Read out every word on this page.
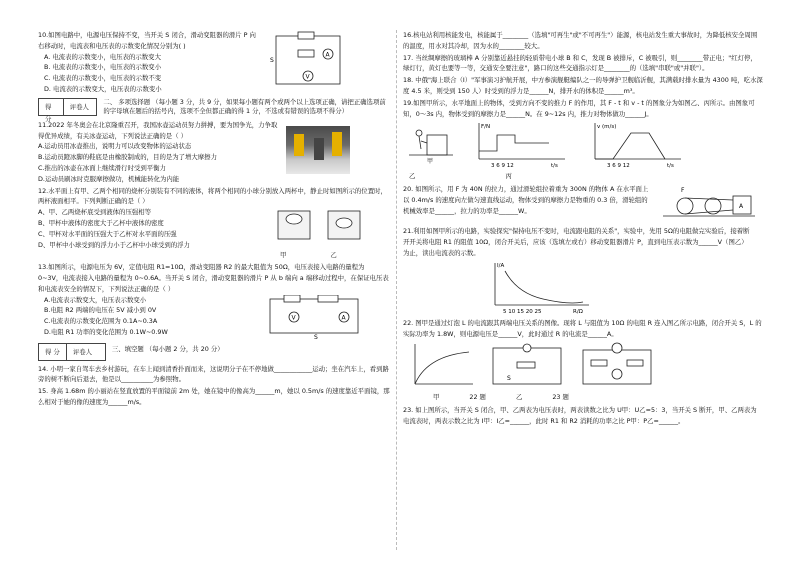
10.如图电路中，电源电压保持不变，当开关 S 闭合，滑动变阻器的滑片 P 向右移动时，电流表和电压表的示数变化情况分别为( )
A. 电流表的示数变小，电压表的示数变大
B. 电流表的示数变小，电压表的示数变小
C. 电流表的示数变小，电压表的示数不变
D. 电流表的示数变大，电压表的示数变小
A
V
S
得 分
评卷人
二、 多项选择题 （每小题 3 分，共 9 分，如果每小题有两个或两个以上选项正确，请把正确选项前的字母填在题后的括号内，选项不全但都正确的得 1 分，不选或有错误的选项不得分）
11.2022 年冬奥会在北京隆重召开，我国冰壶运动员努力拼搏，要为国争光，力争取得优异成绩，有关冰壶运动，下列说法正确的是（ ）
A.运动员用冰壶推出，说明力可以改变物体的运动状态
B.运动员蹬冰脚的鞋底是由橡胶制成的，目的是为了增大摩擦力
C.推出的冰壶在冰面上继续滑行时受到平衡力
D.运动员刷冰时克服摩擦做功，机械能转化为内能
12.水平面上有甲、乙两个相同的烧杯分别装有不同的液体，将两个相同的小球分别放入两杯中，静止时如图所示的位置时，两杯液面相平。下列判断正确的是（ ）
A、甲、乙两烧杯底受到液体的压强相等
B、甲杯中液体的密度大于乙杯中液体的密度
C、甲杯对水平面的压强大于乙杯对水平面的压强
D、甲杯中小球受到的浮力小于乙杯中小球受到的浮力
甲	乙
13.如图所示，电源电压为 6V，定值电阻 R1=10Ω，滑动变阻器 R2 的最大阻值为 50Ω，电压表接入电路的量程为 0~3V，电流表接入电路的量程为 0~0.6A。当开关 S 闭合，滑动变阻器的滑片 P 从 b 端向 a 端移动过程中，在保证电压表和电流表安全的情况下，下列说法正确的是（ ）
A.电流表示数变大，电压表示数变小
B.电阻 R2 两端的电压在 5V 减小到 0V
C.电流表的示数变化范围为 0.1A~0.3A
D.电阻 R1 功率的变化范围为 0.1W~0.9W
V	A
S
得 分	评卷人	三、填空题 （每小题 2 分，共 20 分）
14. 小明一家自驾车去乡村游玩，在车上闻到清香扑面而来，这说明分子在不停地做____________运动；坐在汽车上，看到路旁的树不断向后退去，他是以__________为参照物。
15. 身高 1.68m 的小丽站在竖直放置的平面镜前 2m 处，她在镜中的像高为______m，她以 0.5m/s 的速度靠近平面镜，那么相对于她的像的速度为______m/s。
16.核电站利用核能发电，核能属于________（选填"可再生"或"不可再生"）能源，核电站发生重大事故时，为降低核安全周围的温度，用水对其冷却，因为水的________较大。
17. 当丝绸摩擦的玻璃棒 A 分别靠近悬挂的轻质带电小球 B 和 C，发现 B 被排斥，C 被吸引，则________带正电；"红灯停，绿灯行，黄灯也要等一等，交通安全要注意"，路口的这些交通指示灯是________的（选填"串联"或"并联"）。
18. 中俄"海上联合（I）"军事演习护航开展，中方参演舰艇编队之一的导弹护卫舰临沂舰，其满载时排水量为 4300 吨，吃水深度 4.5 米，则受到 150 人）时受到的浮力是______N，排开水的体积是______m³。
19.如图甲所示，水平地面上的物体，受到方向不变的推力 F 的作用，其 F - t 和 v - t 的图象分为如图乙、丙所示。由图象可知，0～3s 内，物体受到的摩擦力是______N。在 9~12s 内，推力对物体做功______J。
甲
F/N
3 6 9 12	t/s
v (m/s)
3 6 9 12	t/s
乙	丙
20. 如图所示，用 F 为 40N 的拉力，通过滑轮组拉着重为 300N 的物体 A 在水平面上以 0.4m/s 的速度向左做匀速直线运动，物体受到的摩擦力是物重的 0.3 倍，滑轮组的机械效率是______，拉力的功率是______W。
F
A
21.利用如图甲所示的电路，实验探究"保持电压不变时，电流跟电阻的关系"，实验中，先用 5Ω的电阻做完实验后，接着断开开关将电阻 R1 的阻值 10Ω，闭合开关后，应该（选填左或右）移动变阻器滑片 P，直到电压表示数为______V（图乙）为止，读出电流表的示数。
I/A
5 10 15 20 25	R/Ω
22. 图甲是通过灯泡 L 的电流跟其两端电压关系的图像。现将 L 与阻值为 10Ω 的电阻 R 连入图乙所示电路，闭合开关 S，L 的实际功率为 1.8W，则电源电压是______V，此时通过 R 的电流是______A。
S
甲	22 题	乙	23 题
23. 如上图所示，当开关 S 闭合，甲、乙两表为电压表时，两表读数之比为 U甲：U乙=5：3，当开关 S 断开，甲、乙两表为电流表时，两表示数之比为 I甲：I乙=______，此时 R1 和 R2 消耗的功率之比 P甲：P乙=______。
